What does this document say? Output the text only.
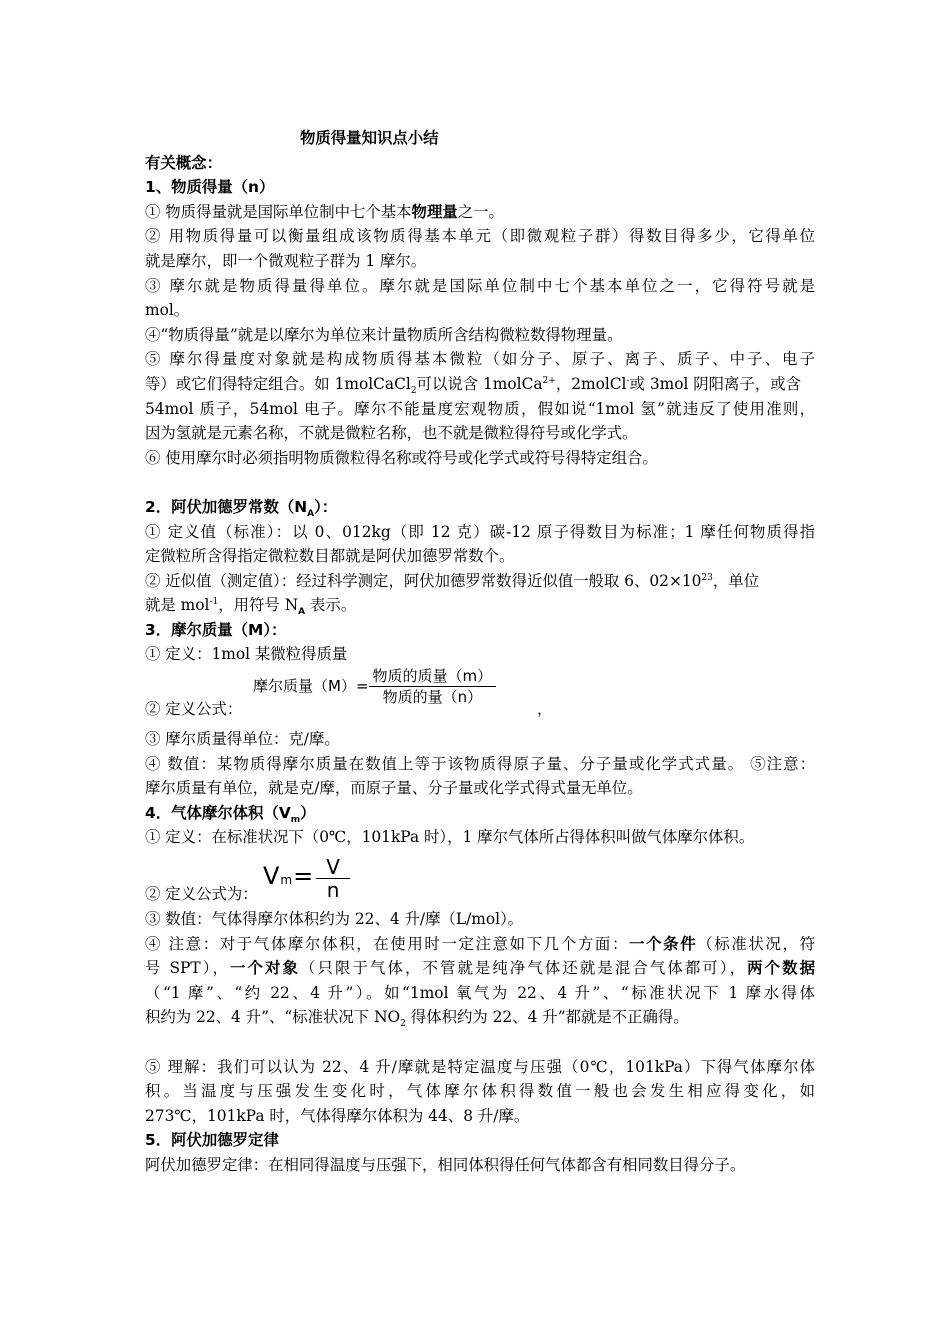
物质得量知识点小结
有关概念：
1、物质得量（n）
① 物质得量就是国际单位制中七个基本物理量之一。
② 用物质得量可以衡量组成该物质得基本单元（即微观粒子群）得数目得多少，它得单位
就是摩尔，即一个微观粒子群为 1 摩尔。
③ 摩尔就是物质得量得单位。摩尔就是国际单位制中七个基本单位之一，它得符号就是
mol。
④“物质得量”就是以摩尔为单位来计量物质所含结构微粒数得物理量。
⑤ 摩尔得量度对象就是构成物质得基本微粒（如分子、原子、离子、质子、中子、电子
等）或它们得特定组合。如 1molCaCl$_2$可以说含 1molCa$^{2+}$，2molCl-或 3mol 阴阳离子，或含
54mol 质子，54mol 电子。摩尔不能量度宏观物质，假如说“1mol 氢”就违反了使用准则，
因为氢就是元素名称，不就是微粒名称，也不就是微粒得符号或化学式。
⑥ 使用摩尔时必须指明物质微粒得名称或符号或化学式或符号得特定组合。
2．阿伏加德罗常数$(N_A)$：
① 定义值（标准）：以 0、012kg（即 12 克）碳-12 原子得数目为标准；1 摩任何物质得指
定微粒所含得指定微粒数目都就是阿伏加德罗常数个。
② 近似值（测定值）：经过科学测定，阿伏加德罗常数得近似值一般取 6、$02\times 10^{23}$，单位
就是 mol$^{-1}$，用符号 $N_A$ 表示。
3．摩尔质量（M）：
① 定义：1mol 某微粒得质量
② 定义公式：
摩尔质量$(M)= \frac{\text{物质的质量（m）}}{\text{物质的量（n）}}$
，
③ 摩尔质量得单位：克/摩。
④ 数值：某物质得摩尔质量在数值上等于该物质得原子量、分子量或化学式式量。 ⑤注意：
摩尔质量有单位，就是克/摩，而原子量、分子量或化学式得式量无单位。
4．气体摩尔体积$(V_m)$
① 定义：在标准状况下（0℃，101kPa 时），1 摩尔气体所占得体积叫做气体摩尔体积。
② 定义公式为：
$Vm= \frac{V}{n}$
③ 数值：气体得摩尔体积约为 22、4 升/摩（L/mol）。
④ 注意：对于气体摩尔体积，在使用时一定注意如下几个方面：一个条件（标准状况，符
号 SPT），一个对象（只限于气体，不管就是纯净气体还就是混合气体都可），两个数据
（“1 摩”、“约 22、4 升”）。如“1mol 氧气为 22、4 升”、“标准状况下 1 摩水得体
积约为 22、4 升”、“标准状况下 $NO_2$ 得体积约为 22、4 升”都就是不正确得。
⑤ 理解：我们可以认为 22、4 升/摩就是特定温度与压强（0℃，101kPa）下得气体摩尔体
积。当温度与压强发生变化时，气体摩尔体积得数值一般也会发生相应得变化，如
273℃，101kPa 时，气体得摩尔体积为 44、8 升/摩。
5．阿伏加德罗定律
阿伏加德罗定律：在相同得温度与压强下，相同体积得任何气体都含有相同数目得分子。
